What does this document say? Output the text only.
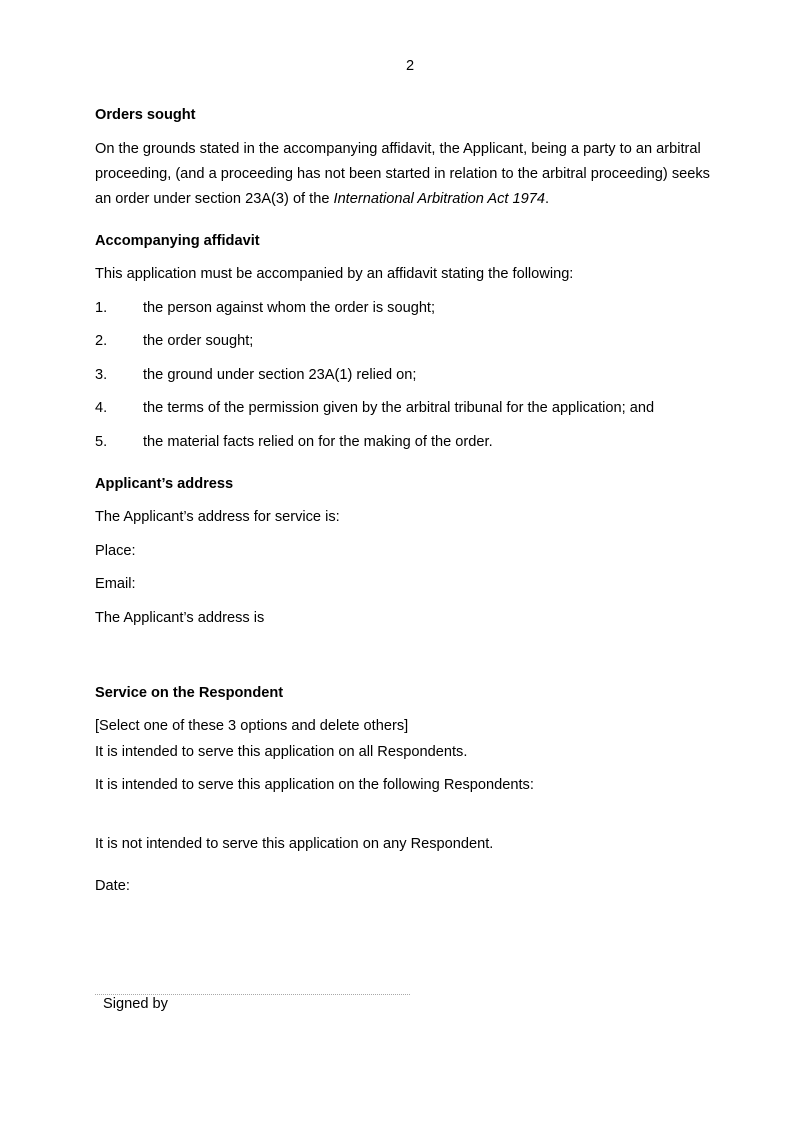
2
Orders sought
On the grounds stated in the accompanying affidavit, the Applicant, being a party to an arbitral
proceeding, (and a proceeding has not been started in relation to the arbitral proceeding) seeks
an order under section 23A(3) of the International Arbitration Act 1974.
Accompanying affidavit
This application must be accompanied by an affidavit stating the following:
1. the person against whom the order is sought;
2. the order sought;
3. the ground under section 23A(1) relied on;
4. the terms of the permission given by the arbitral tribunal for the application; and
5. the material facts relied on for the making of the order.
Applicant’s address
The Applicant’s address for service is:
Place:
Email:
The Applicant’s address is
Service on the Respondent
[Select one of these 3 options and delete others]
It is intended to serve this application on all Respondents.
It is intended to serve this application on the following Respondents:
It is not intended to serve this application on any Respondent.
Date:
Signed by
